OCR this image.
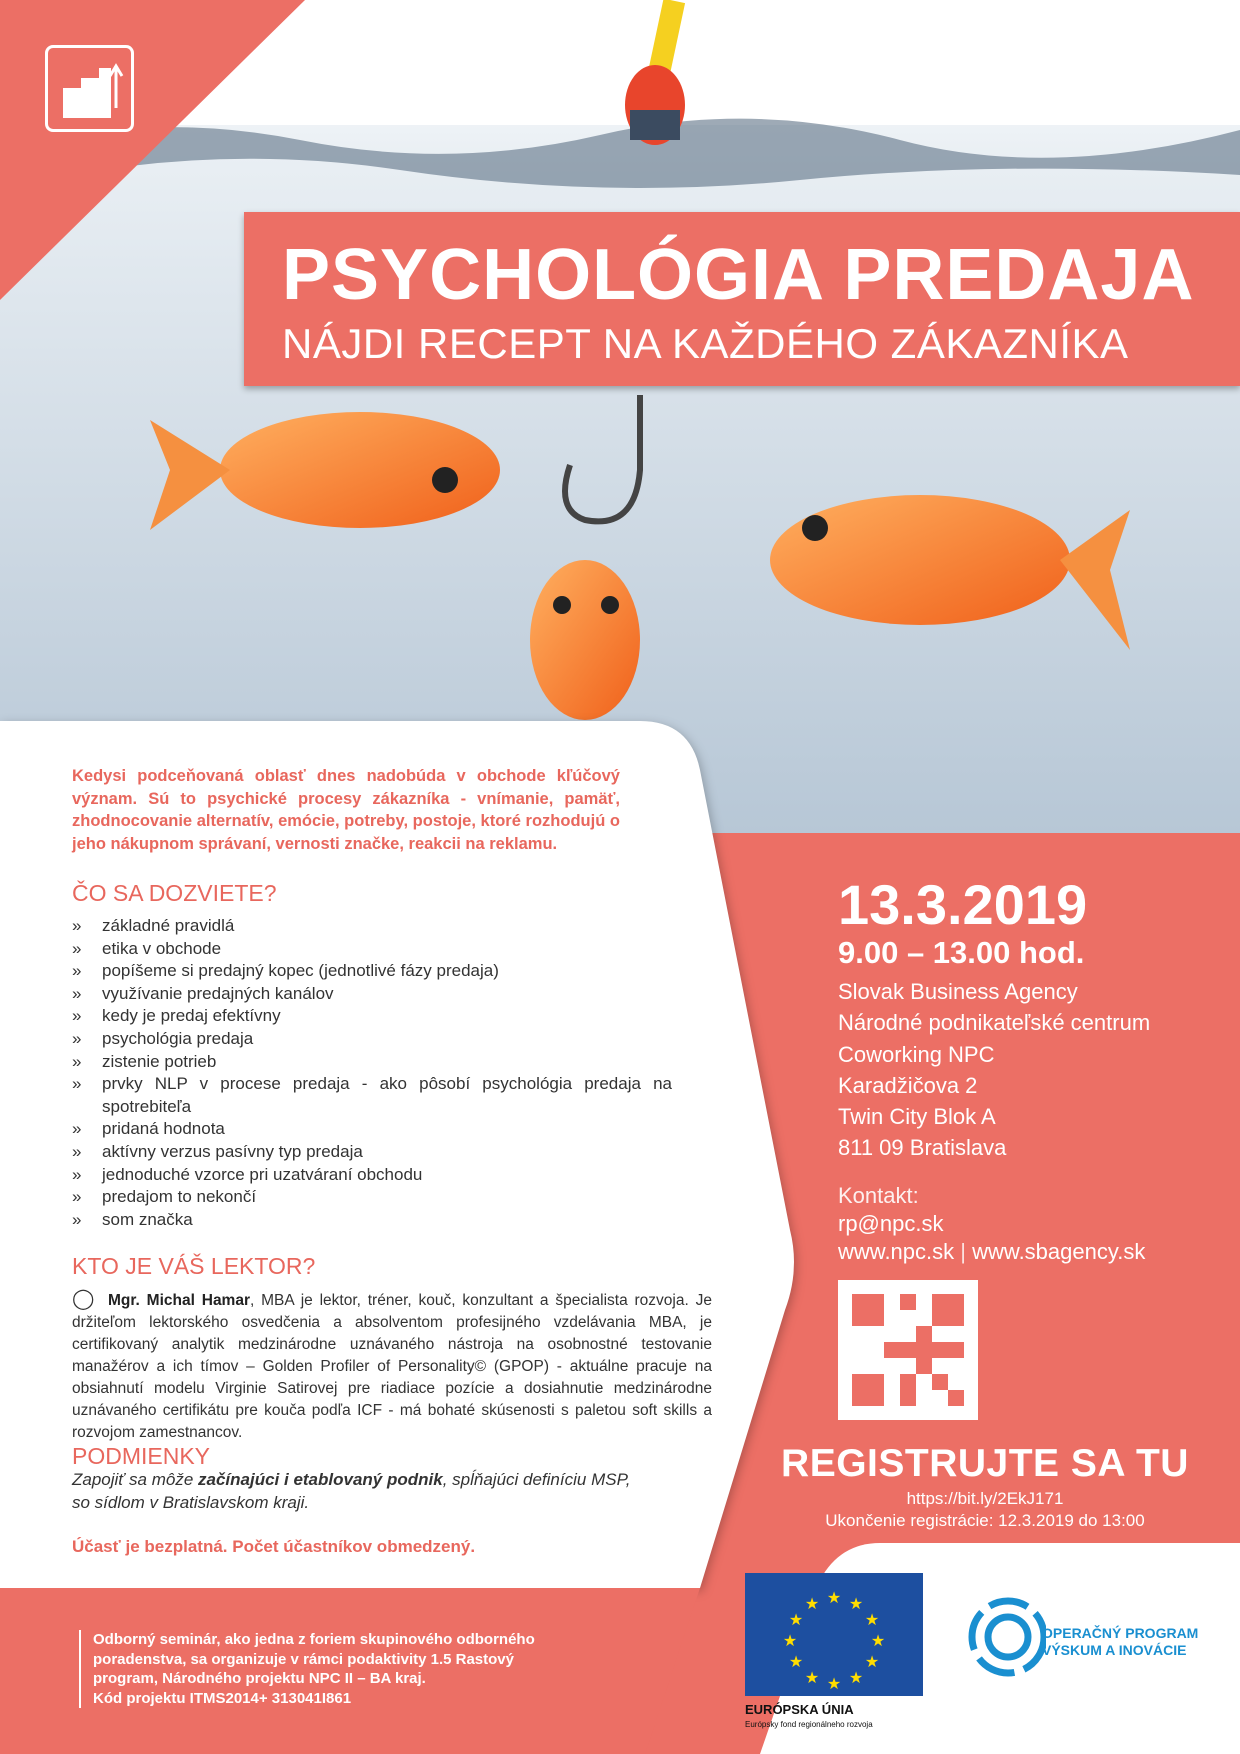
PSYCHOLÓGIA PREDAJA
NÁJDI RECEPT NA KAŽDÉHO ZÁKAZNÍKA

Kedysi podceňovaná oblasť dnes nadobúda v obchode kľúčový význam. Sú to psychické procesy zákazníka - vnímanie, pamäť, zhodnocovanie alternatív, emócie, potreby, postoje, ktoré rozhodujú o jeho nákupnom správaní, vernosti značke, reakcii na reklamu.

ČO SA DOZVIETE?
» základné pravidlá
» etika v obchode
» popíšeme si predajný kopec (jednotlivé fázy predaja)
» využívanie predajných kanálov
» kedy je predaj efektívny
» psychológia predaja
» zistenie potrieb
» prvky NLP v procese predaja - ako pôsobí psychológia predaja na spotrebiteľa
» pridaná hodnota
» aktívny verzus pasívny typ predaja
» jednoduché vzorce pri uzatváraní obchodu
» predajom to nekončí
» som značka
KTO JE VÁŠ LEKTOR?

◯ Mgr. Michal Hamar, MBA je lektor, tréner, kouč, konzultant a špecialista rozvoja. Je držiteľom lektorského osvedčenia a absolventom profesijného vzdelávania MBA, je certifikovaný analytik medzinárodne uznávaného nástroja na osobnostné testovanie manažérov a ich tímov – Golden Profiler of Personality© (GPOP) - aktuálne pracuje na obsiahnutí modelu Virginie Satirovej pre riadiace pozície a dosiahnutie medzinárodne uznávaného certifikátu pre kouča podľa ICF - má bohaté skúsenosti s paletou soft skills a rozvojom zamestnancov.

PODMIENKY

Zapojiť sa môže začínajúci i etablovaný podnik, spĺňajúci definíciu MSP, so sídlom v Bratislavskom kraji.

Účasť je bezplatná. Počet účastníkov obmedzený.
13.3.2019
9.00 – 13.00 hod.
Slovak Business Agency
Národné podnikateľské centrum
Coworking NPC
Karadžičova 2
Twin City Blok A
811 09 Bratislava
Kontakt:
rp@npc.sk
www.npc.sk | www.sbagency.sk
REGISTRUJTE SA TU
https://bit.ly/2EkJ171
Ukončenie registrácie: 12.3.2019 do 13:00
Odborný seminár, ako jedna z foriem skupinového odborného
poradenstva, sa organizuje v rámci podaktivity 1.5 Rastový
program, Národného projektu NPC II – BA kraj.
Kód projektu ITMS2014+ 313041I861
★ ★
★
★
★
★
★
★
★
★
★
★
EURÓPSKA ÚNIA
Európsky fond regionálneho rozvoja
OPERAČNÝ PROGRAM
VÝSKUM A INOVÁCIE
